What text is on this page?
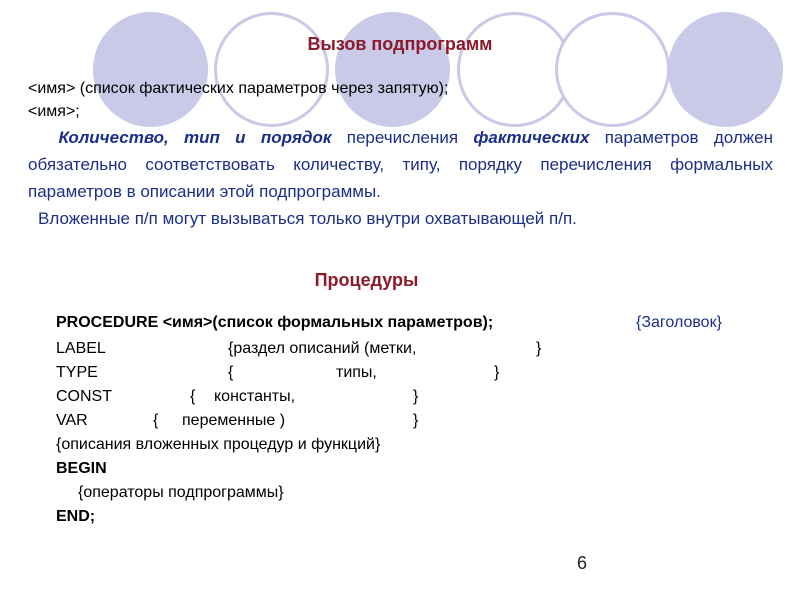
Вызов подпрограмм
<имя> (список фактических параметров через запятую);
<имя>;
Количество, тип и порядок перечисления фактических параметров должен обязательно соответствовать количеству, типу, порядку перечисления формальных параметров в описании этой подпрограммы.
Вложенные п/п могут вызываться только внутри охватывающей п/п.
Процедуры
PROCEDURE <имя>(список формальных параметров);	{Заголовок}
LABEL	{раздел описаний (метки,	}
TYPE	{	типы,	}
CONST	{ константы,	}
VAR	{ переменные )	}
{описания вложенных процедур и функций}
BEGIN
{операторы подпрограммы}
END;
6
